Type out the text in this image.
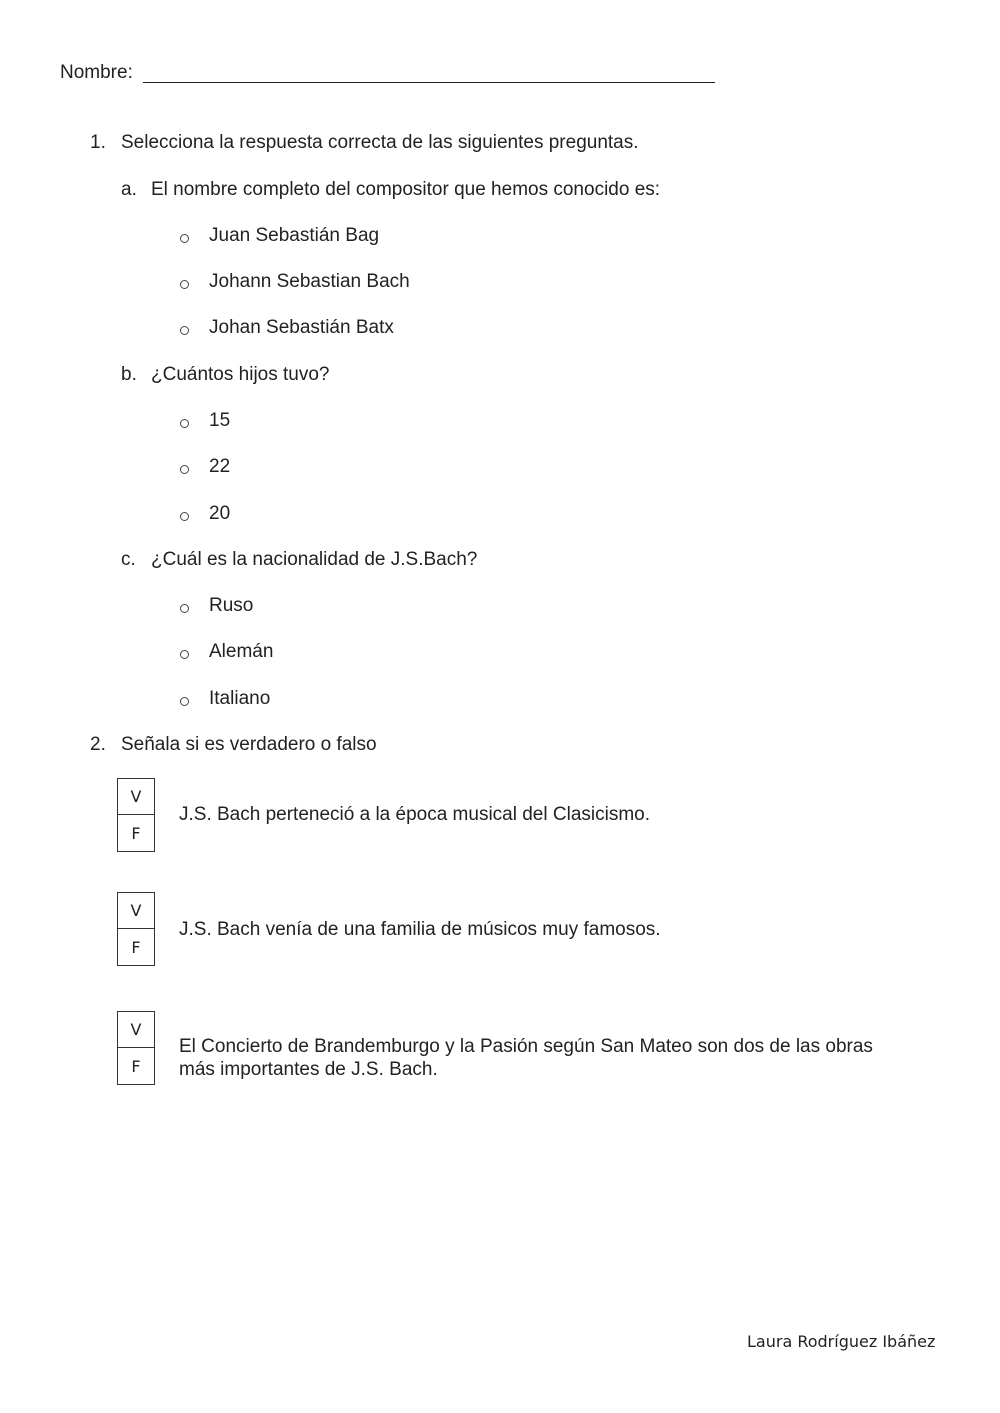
Nombre:
1. Selecciona la respuesta correcta de las siguientes preguntas.
a. El nombre completo del compositor que hemos conocido es:
Juan Sebastián Bag
Johann Sebastian Bach
Johan Sebastián Batx
b. ¿Cuántos hijos tuvo?
15
22
20
c. ¿Cuál es la nacionalidad de J.S.Bach?
Ruso
Alemán
Italiano
2. Señala si es verdadero o falso
V
F
J.S. Bach perteneció a la época musical del Clasicismo.
V
F
J.S. Bach venía de una familia de músicos muy famosos.
V
F
El Concierto de Brandemburgo y la Pasión según San Mateo son dos de las obras
más importantes de J.S. Bach.
Laura Rodríguez Ibáñez
